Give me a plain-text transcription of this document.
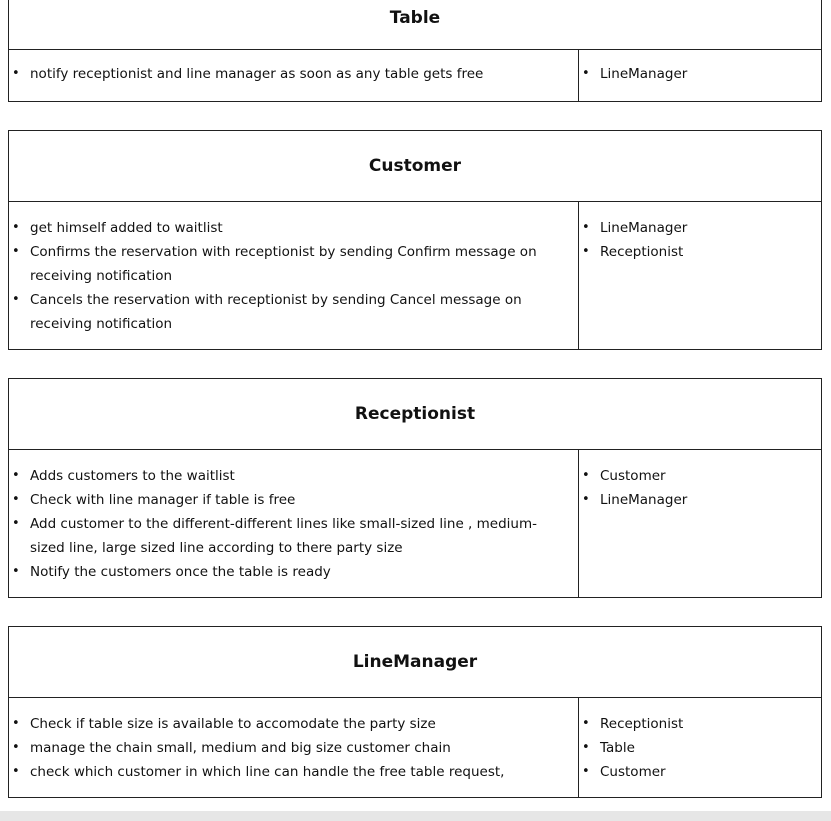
Table
• notify receptionist and line manager as soon as any table gets free	• LineManager
Customer
• get himself added to waitlist
• Confirms the reservation with receptionist by sending Confirm message on receiving notification
• Cancels the reservation with receptionist by sending Cancel message on receiving notification
• LineManager
• Receptionist
Receptionist
• Adds customers to the waitlist
• Check with line manager if table is free
• Add customer to the different-different lines like small-sized line , medium-sized line, large sized line according to there party size
• Notify the customers once the table is ready
• Customer
• LineManager
LineManager
• Check if table size is available to accomodate the party size
• manage the chain small, medium and big size customer chain
• check which customer in which line can handle the free table request,
• Receptionist
• Table
• Customer
